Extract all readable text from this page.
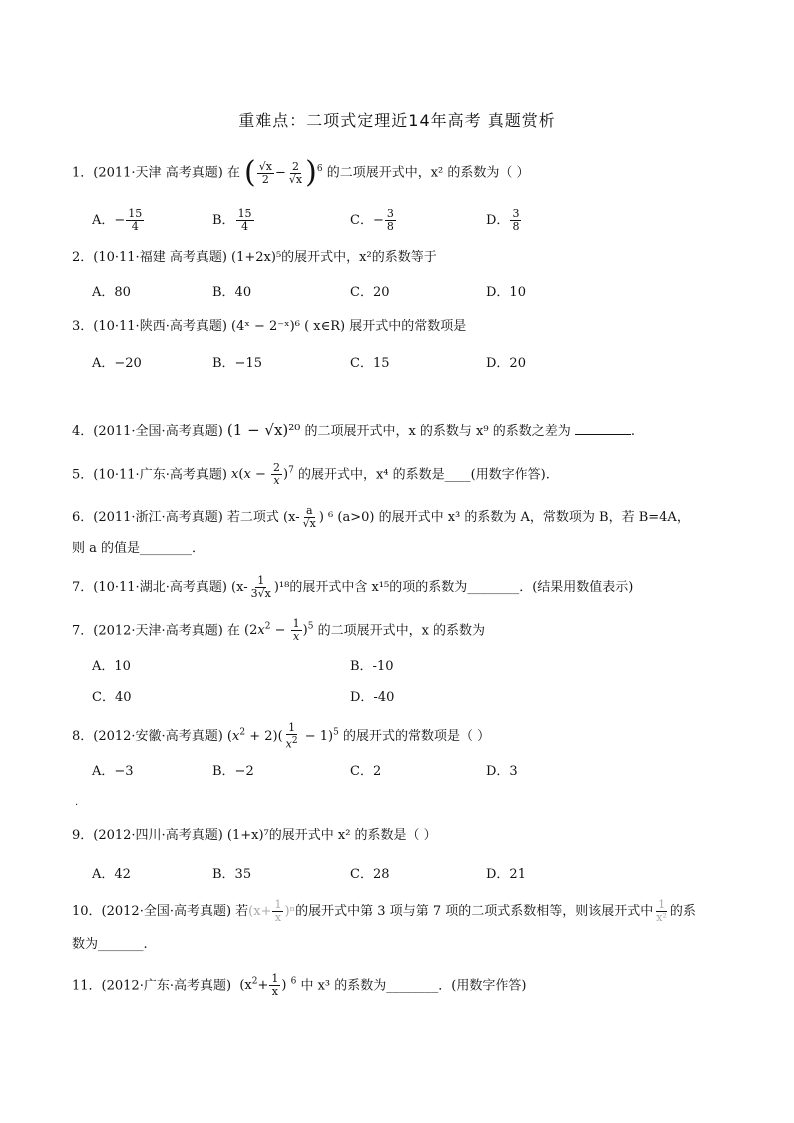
重难点：二项式定理近14年高考 真题赏析
1．(2011·天津 高考真题) 在 ( $\frac{√x}{2} - \frac{2}{√x} )^6$ 的二项展开式中，x² 的系数为（ ）
A．− $\frac{15}{4}$	B． $\frac{15}{4}$	C．− $\frac{3}{8}$	D． $\frac{3}{8}$
2．(10·11·福建 高考真题) (1+2x)⁵的展开式中，x²的系数等于
A．80	B．40	C．20	D．10
3．(10·11·陕西·高考真题) (4ˣ − 2⁻ˣ)⁶ ( x∈R) 展开式中的常数项是
A．−20	B．−15	C．15	D．20
4．(2011·全国·高考真题) (1 − √x)²⁰ 的二项展开式中，x 的系数与 x⁹ 的系数之差为	.
5．(10·11·广东·高考真题) $x(x - \frac{2}{x} )^7$ 的展开式中，x⁴ 的系数是____(用数字作答).
6．(2011·浙江·高考真题) 若二项式 ($x- \frac{a}{√x}$ ) ⁶ (a>0) 的展开式中 x³ 的系数为 A，常数项为 B，若 B=4A，
则 a 的值是________．
7．(10·11·湖北·高考真题) $(x- \frac{1}{3√x} )^{18}$的展开式中含 x¹⁵的项的系数为________．(结果用数值表示)
7．(2012·天津·高考真题) 在 $(2x^2 - \frac{1}{x} )^5$ 的二项展开式中，x 的系数为
A．10	B．-10
C．40	D．-40
8．(2012·安徽·高考真题) $(x^2 + 2)( \frac{1}{x^2} - 1)^5$ 的展开式的常数项是（ ）
A．−3	B．−2	C．2	D．3
.
9．(2012·四川·高考真题) (1+x)⁷的展开式中 x² 的系数是（ ）
A．42	B．35	C．28	D．21
10．(2012·全国·高考真题) 若$(x+ \frac{1}{x} )^n$的展开式中第 3 项与第 7 项的二项式系数相等，则该展开式中 $\frac{1}{\text{x²}}$ 的系
数为_______.
11．(2012·广东·高考真题)  ($x^2+ \frac{1}{x}$ ) $^6$ 中 x³ 的系数为________．(用数字作答)
